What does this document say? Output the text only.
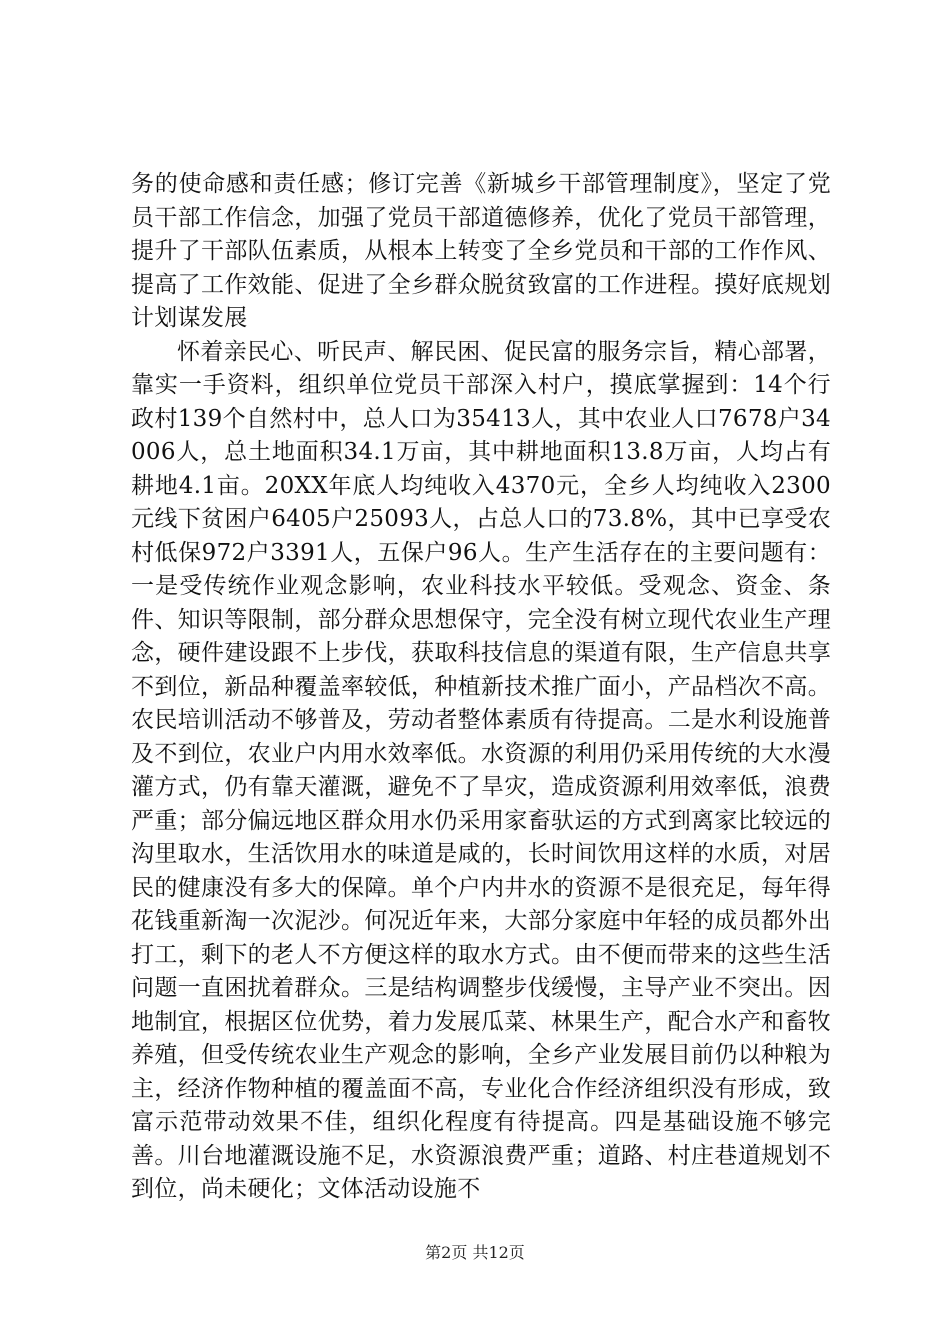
务的使命感和责任感；修订完善《新城乡干部管理制度》，坚定了党员干部工作信念，加强了党员干部道德修养，优化了党员干部管理，提升了干部队伍素质，从根本上转变了全乡党员和干部的工作作风、提高了工作效能、促进了全乡群众脱贫致富的工作进程。摸好底规划计划谋发展

怀着亲民心、听民声、解民困、促民富的服务宗旨，精心部署，靠实一手资料，组织单位党员干部深入村户，摸底掌握到：14个行政村139个自然村中，总人口为35413人，其中农业人口7678户34006人，总土地面积34.1万亩，其中耕地面积13.8万亩，人均占有耕地4.1亩。20XX年底人均纯收入4370元，全乡人均纯收入2300元线下贫困户6405户25093人，占总人口的73.8%，其中已享受农村低保972户3391人，五保户96人。生产生活存在的主要问题有：一是受传统作业观念影响，农业科技水平较低。受观念、资金、条件、知识等限制，部分群众思想保守，完全没有树立现代农业生产理念，硬件建设跟不上步伐，获取科技信息的渠道有限，生产信息共享不到位，新品种覆盖率较低，种植新技术推广面小，产品档次不高。农民培训活动不够普及，劳动者整体素质有待提高。二是水利设施普及不到位，农业户内用水效率低。水资源的利用仍采用传统的大水漫灌方式，仍有靠天灌溉，避免不了旱灾，造成资源利用效率低，浪费严重；部分偏远地区群众用水仍采用家畜驮运的方式到离家比较远的沟里取水，生活饮用水的味道是咸的，长时间饮用这样的水质，对居民的健康没有多大的保障。单个户内井水的资源不是很充足，每年得花钱重新淘一次泥沙。何况近年来，大部分家庭中年轻的成员都外出打工，剩下的老人不方便这样的取水方式。由不便而带来的这些生活问题一直困扰着群众。三是结构调整步伐缓慢，主导产业不突出。因地制宜，根据区位优势，着力发展瓜菜、林果生产，配合水产和畜牧养殖，但受传统农业生产观念的影响，全乡产业发展目前仍以种粮为主，经济作物种植的覆盖面不高，专业化合作经济组织没有形成，致富示范带动效果不佳，组织化程度有待提高。四是基础设施不够完善。川台地灌溉设施不足，水资源浪费严重；道路、村庄巷道规划不到位，尚未硬化；文体活动设施不

第2页 共12页
